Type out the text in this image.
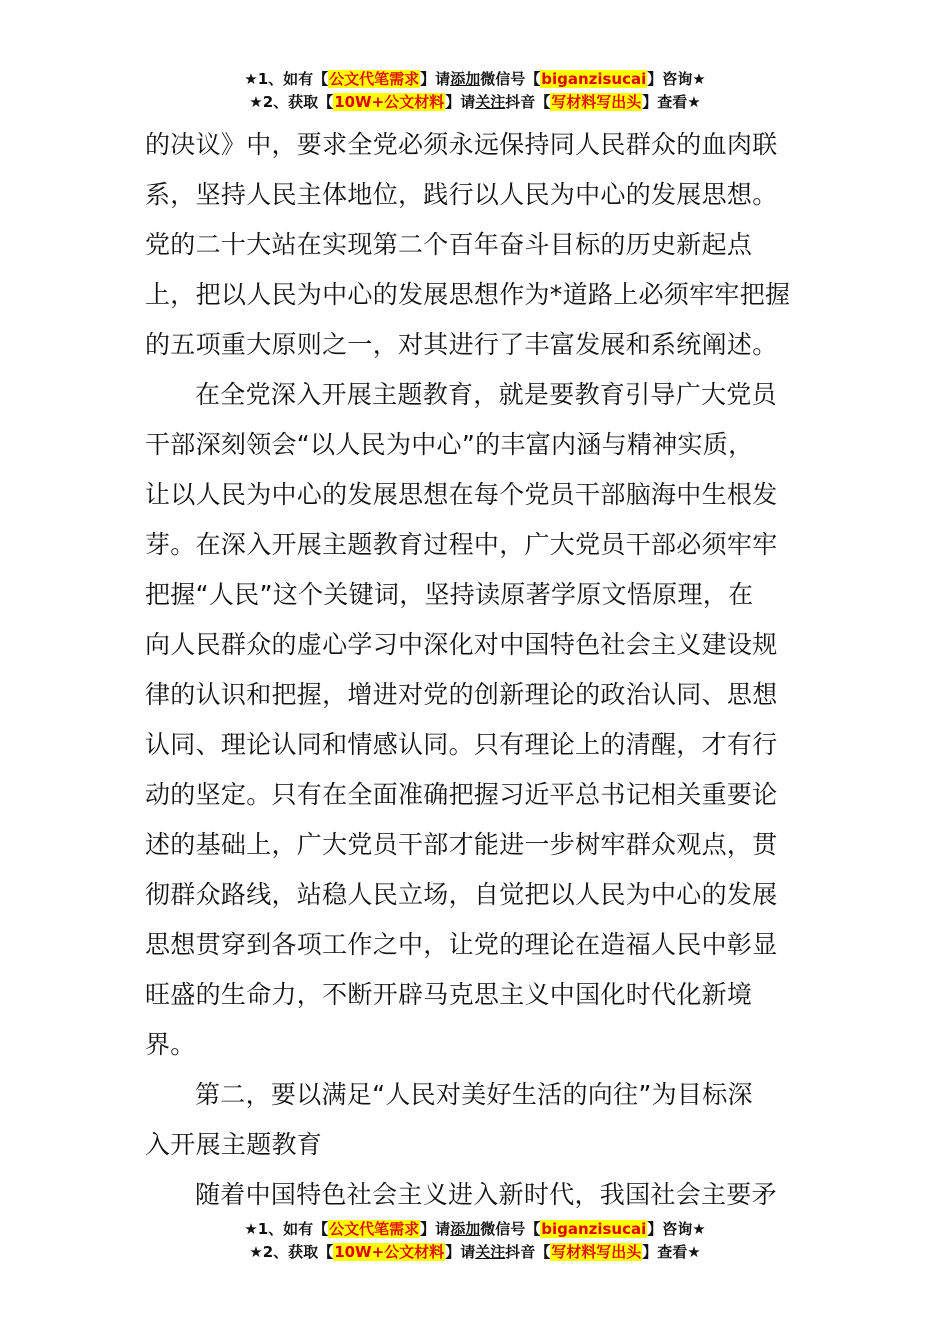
★1、如有【公文代笔需求】请添加微信号【biganzisucai】咨询★
★2、获取【10W+公文材料】请关注抖音【写材料写出头】查看★
的决议》中，要求全党必须永远保持同人民群众的血肉联
系，坚持人民主体地位，践行以人民为中心的发展思想。
党的二十大站在实现第二个百年奋斗目标的历史新起点
上，把以人民为中心的发展思想作为*道路上必须牢牢把握
的五项重大原则之一，对其进行了丰富发展和系统阐述。
在全党深入开展主题教育，就是要教育引导广大党员
干部深刻领会“以人民为中心”的丰富内涵与精神实质，
让以人民为中心的发展思想在每个党员干部脑海中生根发
芽。在深入开展主题教育过程中，广大党员干部必须牢牢
把握“人民”这个关键词，坚持读原著学原文悟原理，在
向人民群众的虚心学习中深化对中国特色社会主义建设规
律的认识和把握，增进对党的创新理论的政治认同、思想
认同、理论认同和情感认同。只有理论上的清醒，才有行
动的坚定。只有在全面准确把握习近平总书记相关重要论
述的基础上，广大党员干部才能进一步树牢群众观点，贯
彻群众路线，站稳人民立场，自觉把以人民为中心的发展
思想贯穿到各项工作之中，让党的理论在造福人民中彰显
旺盛的生命力，不断开辟马克思主义中国化时代化新境
界。
第二，要以满足“人民对美好生活的向往”为目标深
入开展主题教育
随着中国特色社会主义进入新时代，我国社会主要矛
★1、如有【公文代笔需求】请添加微信号【biganzisucai】咨询★
★2、获取【10W+公文材料】请关注抖音【写材料写出头】查看★
